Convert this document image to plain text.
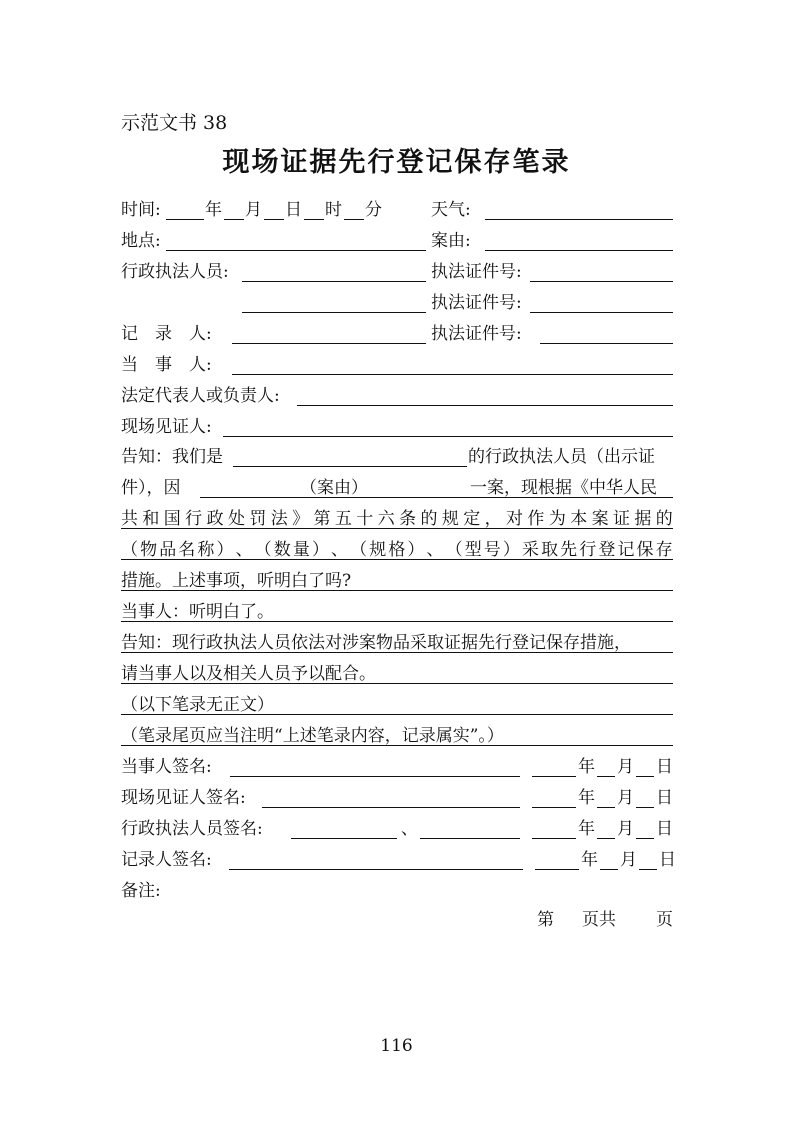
示范文书 38
现场证据先行登记保存笔录
时间:	年 月 日 时 分	天气:
地点:	案由:
行政执法人员:	执法证件号:
执法证件号:
记　录　人:	执法证件号:
当　事　人:
法定代表人或负责人:
现场见证人:
告知：我们是	的行政执法人员（出示证
件），因	（案由）	一案，现根据《中华人民
共 和 国 行 政 处 罚 法 》 第 五 十 六 条 的 规 定 ， 对 作 为 本 案 证 据 的
（ 物 品 名 称 ） 、 （ 数 量 ） 、 （ 规 格 ） 、 （ 型 号 ） 采 取 先 行 登 记 保 存
措施。上述事项，听明白了吗?
当事人：听明白了。
告知：现行政执法人员依法对涉案物品采取证据先行登记保存措施，
请当事人以及相关人员予以配合。
（以下笔录无正文）
（笔录尾页应当注明“上述笔录内容，记录属实”。）
当事人签名:	年 月 日
现场见证人签名:	年 月 日
行政执法人员签名:	、	年 月 日
记录人签名:	年 月 日
备注:
第 页共 页
116
